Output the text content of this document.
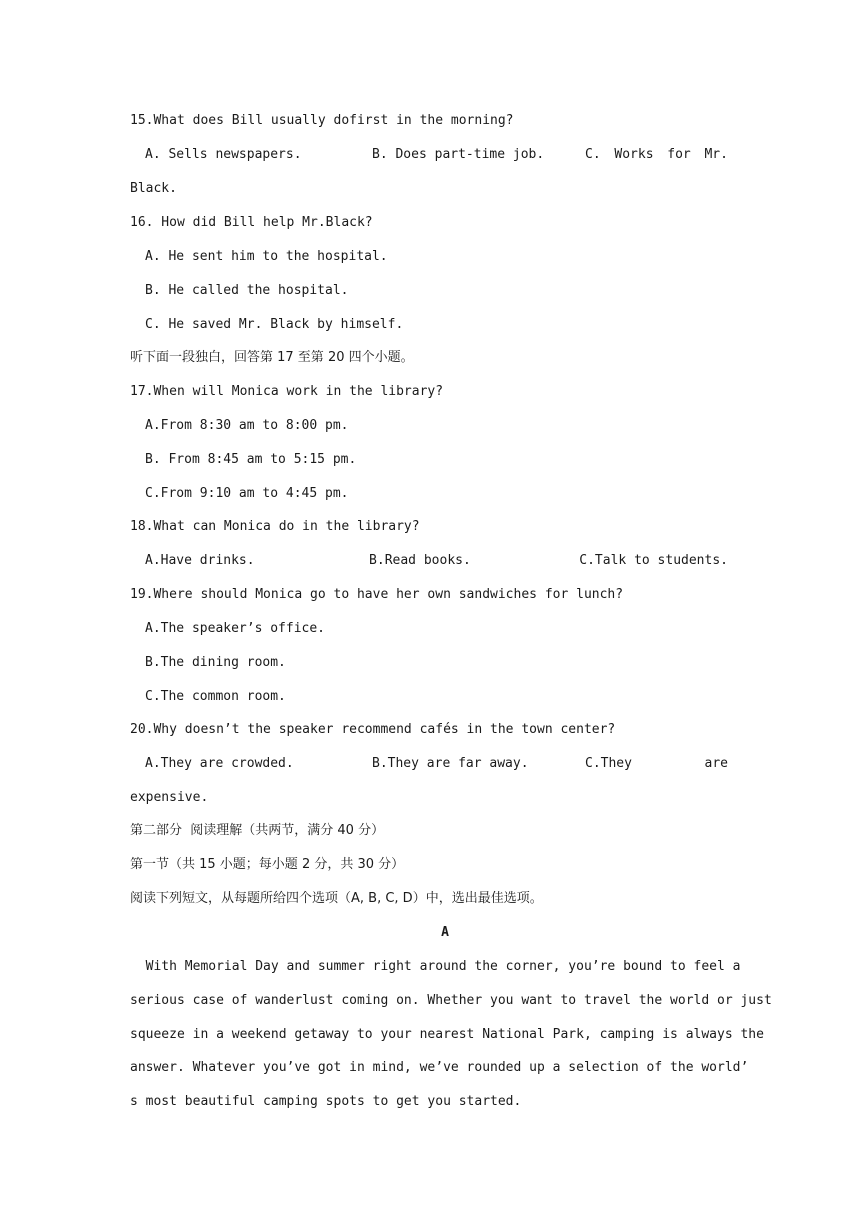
15.What does Bill usually dofirst in the morning?
A. Sells newspapers.	B. Does part-time job.	C. Works for Mr.
Black.
16. How did Bill help Mr.Black?
A. He sent him to the hospital.
B. He called the hospital.
C. He saved Mr. Black by himself.
听下面一段独白，回答第 17 至第 20 四个小题。
17.When will Monica work in the library?
A.From 8:30 am to 8:00 pm.
B. From 8:45 am to 5:15 pm.
C.From 9:10 am to 4:45 pm.
18.What can Monica do in the library?
A.Have drinks.	B.Read books.	C.Talk to students.
19.Where should Monica go to have her own sandwiches for lunch?
A.The speaker’s office.
B.The dining room.
C.The common room.
20.Why doesn’t the speaker recommend cafés in the town center?
A.They are crowded.	B.They are far away.	C.They	are
expensive.
第二部分  阅读理解（共两节，满分 40 分）
第一节（共 15 小题；每小题 2 分，共 30 分）
阅读下列短文，从每题所给四个选项（A, B, C, D）中，选出最佳选项。
A
With Memorial Day and summer right around the corner, you’re bound to feel a
serious case of wanderlust coming on. Whether you want to travel the world or just
squeeze in a weekend getaway to your nearest National Park, camping is always the
answer. Whatever you’ve got in mind, we’ve rounded up a selection of the world’
s most beautiful camping spots to get you started.
